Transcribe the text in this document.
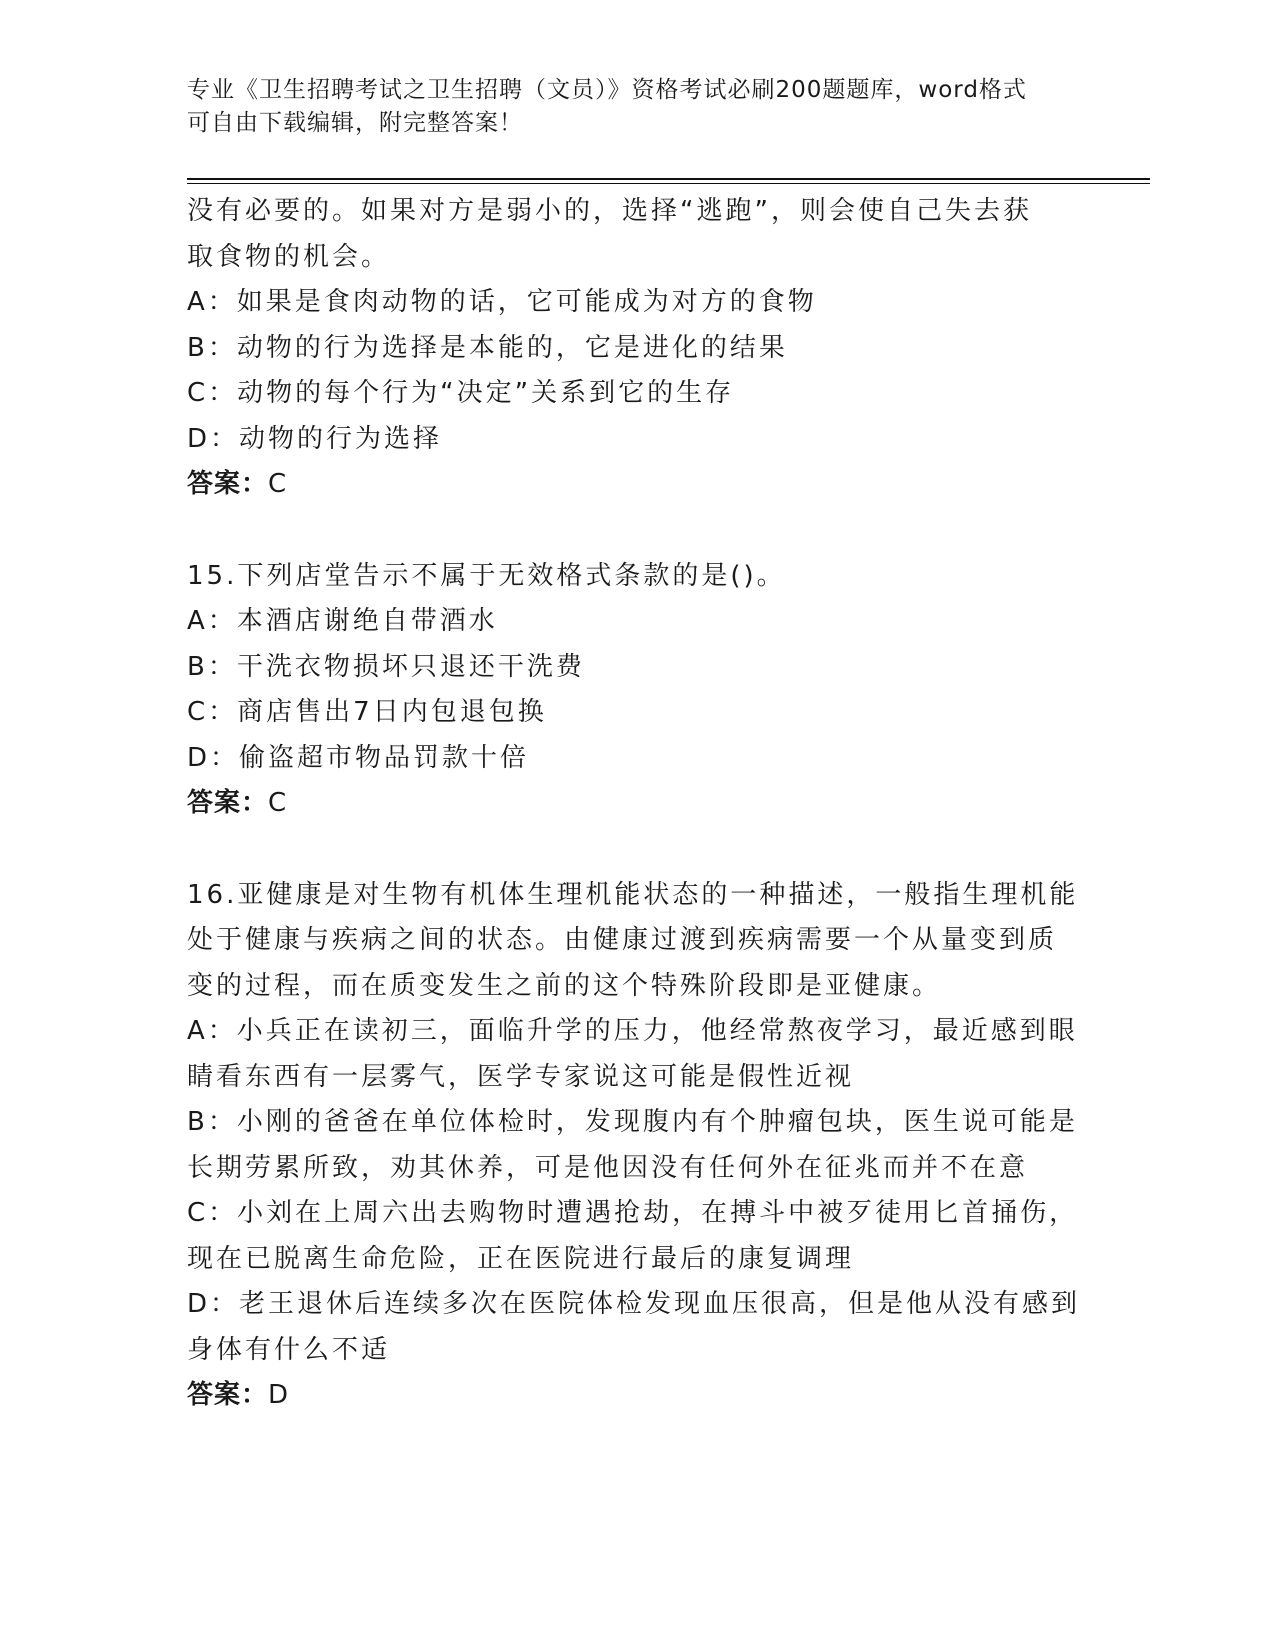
专业《卫生招聘考试之卫生招聘（文员）》资格考试必刷200题题库，word格式
可自由下载编辑，附完整答案！
没有必要的。如果对方是弱小的，选择“逃跑”，则会使自己失去获
取食物的机会。
A：如果是食肉动物的话，它可能成为对方的食物
B：动物的行为选择是本能的，它是进化的结果
C：动物的每个行为“决定”关系到它的生存
D：动物的行为选择
答案：C
15.下列店堂告示不属于无效格式条款的是()。
A：本酒店谢绝自带酒水
B：干洗衣物损坏只退还干洗费
C：商店售出7日内包退包换
D：偷盗超市物品罚款十倍
答案：C
16.亚健康是对生物有机体生理机能状态的一种描述，一般指生理机能
处于健康与疾病之间的状态。由健康过渡到疾病需要一个从量变到质
变的过程，而在质变发生之前的这个特殊阶段即是亚健康。
A：小兵正在读初三，面临升学的压力，他经常熬夜学习，最近感到眼
睛看东西有一层雾气，医学专家说这可能是假性近视
B：小刚的爸爸在单位体检时，发现腹内有个肿瘤包块，医生说可能是
长期劳累所致，劝其休养，可是他因没有任何外在征兆而并不在意
C：小刘在上周六出去购物时遭遇抢劫，在搏斗中被歹徒用匕首捅伤，
现在已脱离生命危险，正在医院进行最后的康复调理
D：老王退休后连续多次在医院体检发现血压很高，但是他从没有感到
身体有什么不适
答案：D
